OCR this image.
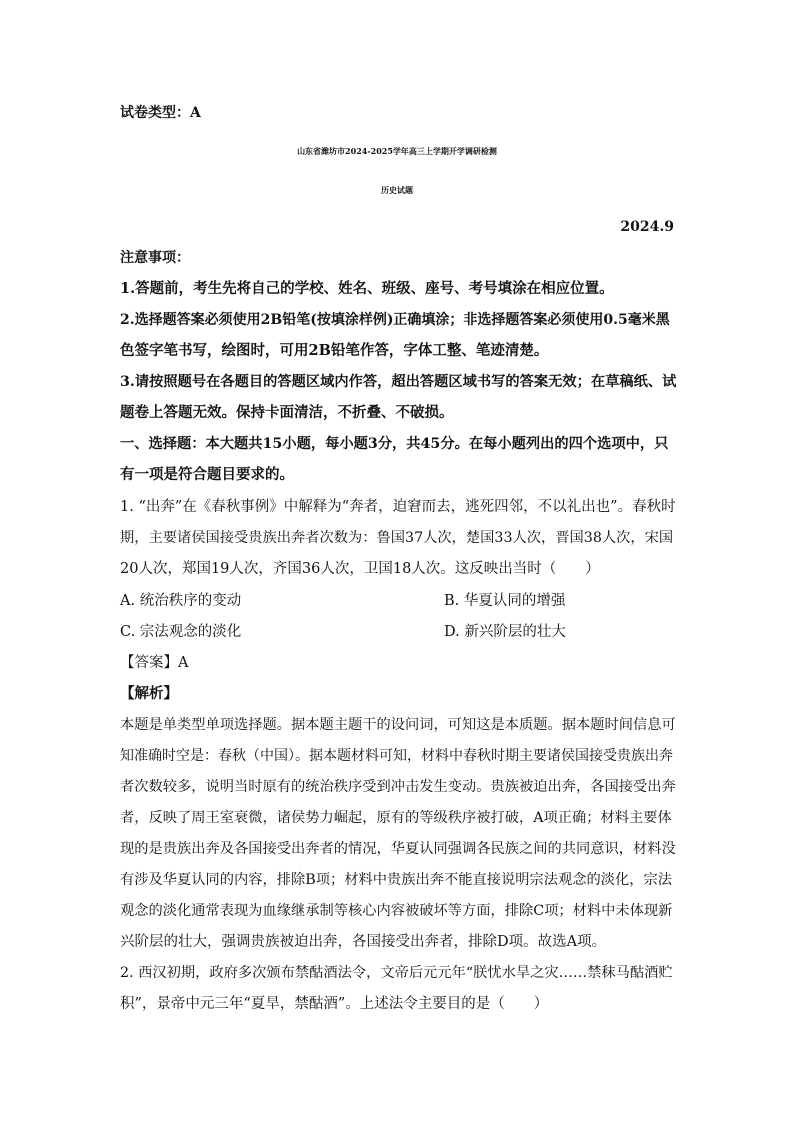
试卷类型：A
山东省潍坊市2024-2025学年高三上学期开学调研检测
历史试题
2024.9
注意事项：
1.答题前，考生先将自己的学校、姓名、班级、座号、考号填涂在相应位置。
2.选择题答案必须使用2B铅笔(按填涂样例)正确填涂；非选择题答案必须使用0.5毫米黑
色签字笔书写，绘图时，可用2B铅笔作答，字体工整、笔迹清楚。
3.请按照题号在各题目的答题区域内作答，超出答题区域书写的答案无效；在草稿纸、试
题卷上答题无效。保持卡面清洁，不折叠、不破损。
一、选择题：本大题共15小题，每小题3分，共45分。在每小题列出的四个选项中，只
有一项是符合题目要求的。
1. “出奔”在《春秋事例》中解释为“奔者，迫窘而去，逃死四邻，不以礼出也”。春秋时
期，主要诸侯国接受贵族出奔者次数为：鲁国37人次，楚国33人次，晋国38人次，宋国
20人次，郑国19人次，齐国36人次，卫国18人次。这反映出当时（　　）
A. 统治秩序的变动	B. 华夏认同的增强
C. 宗法观念的淡化	D. 新兴阶层的壮大
【答案】A
【解析】
本题是单类型单项选择题。据本题主题干的设问词，可知这是本质题。据本题时间信息可
知准确时空是：春秋（中国）。据本题材料可知，材料中春秋时期主要诸侯国接受贵族出奔
者次数较多，说明当时原有的统治秩序受到冲击发生变动。贵族被迫出奔，各国接受出奔
者，反映了周王室衰微，诸侯势力崛起，原有的等级秩序被打破，A项正确；材料主要体
现的是贵族出奔及各国接受出奔者的情况，华夏认同强调各民族之间的共同意识，材料没
有涉及华夏认同的内容，排除B项；材料中贵族出奔不能直接说明宗法观念的淡化，宗法
观念的淡化通常表现为血缘继承制等核心内容被破坏等方面，排除C项；材料中未体现新
兴阶层的壮大，强调贵族被迫出奔，各国接受出奔者，排除D项。故选A项。
2. 西汉初期，政府多次颁布禁酤酒法令，文帝后元元年“朕忧水旱之灾……禁秣马酤酒贮
积”，景帝中元三年“夏旱，禁酤酒”。上述法令主要目的是（　　）
